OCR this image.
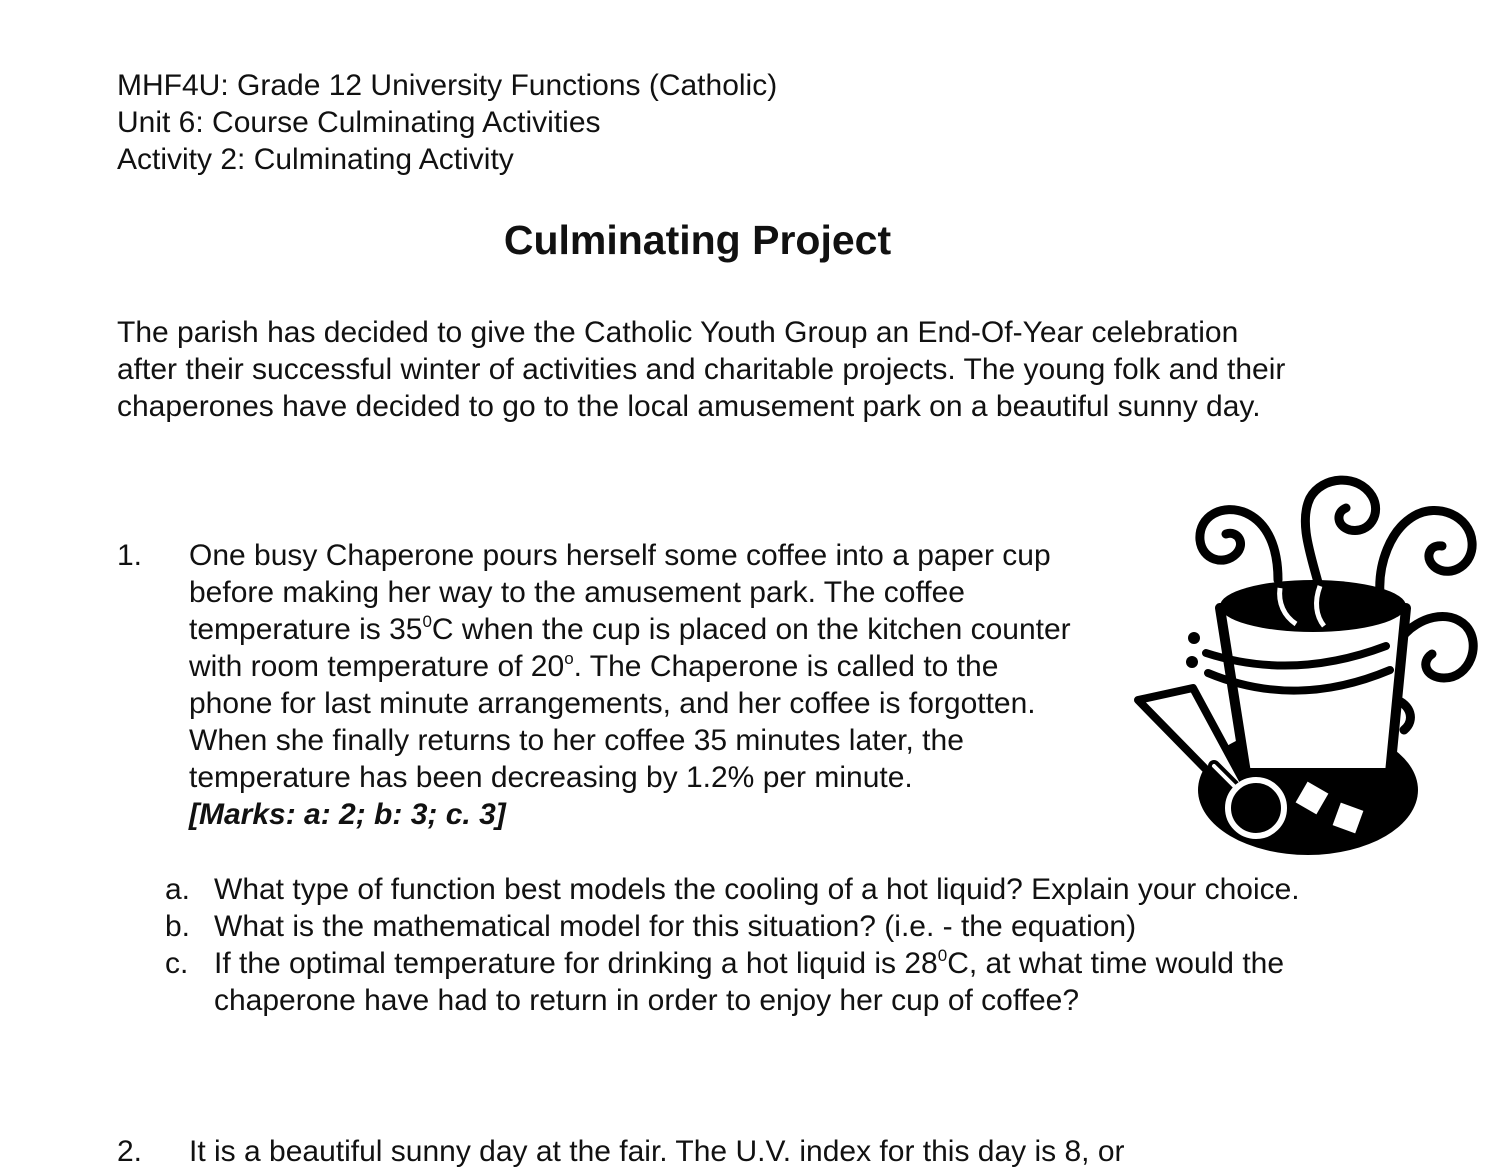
MHF4U: Grade 12 University Functions (Catholic)
Unit 6: Course Culminating Activities
Activity 2: Culminating Activity
Culminating Project
The parish has decided to give the Catholic Youth Group an End-Of-Year celebration after their successful winter of activities and charitable projects. The young folk and their chaperones have decided to go to the local amusement park on a beautiful sunny day.
1. One busy Chaperone pours herself some coffee into a paper cup
before making her way to the amusement park. The coffee
temperature is $35^0C$ when the cup is placed on the kitchen counter
with room temperature of 20$^o$. The Chaperone is called to the
phone for last minute arrangements, and her coffee is forgotten.
When she finally returns to her coffee 35 minutes later, the
temperature has been decreasing by 1.2% per minute.
[Marks: a: 2; b: 3; c. 3]
a. What type of function best models the cooling of a hot liquid? Explain your choice.
b. What is the mathematical model for this situation? (i.e. - the equation)
c. If the optimal temperature for drinking a hot liquid is $28^0C$, at what time would the chaperone have had to return in order to enjoy her cup of coffee?
2. It is a beautiful sunny day at the fair. The U.V. index for this day is 8, or
